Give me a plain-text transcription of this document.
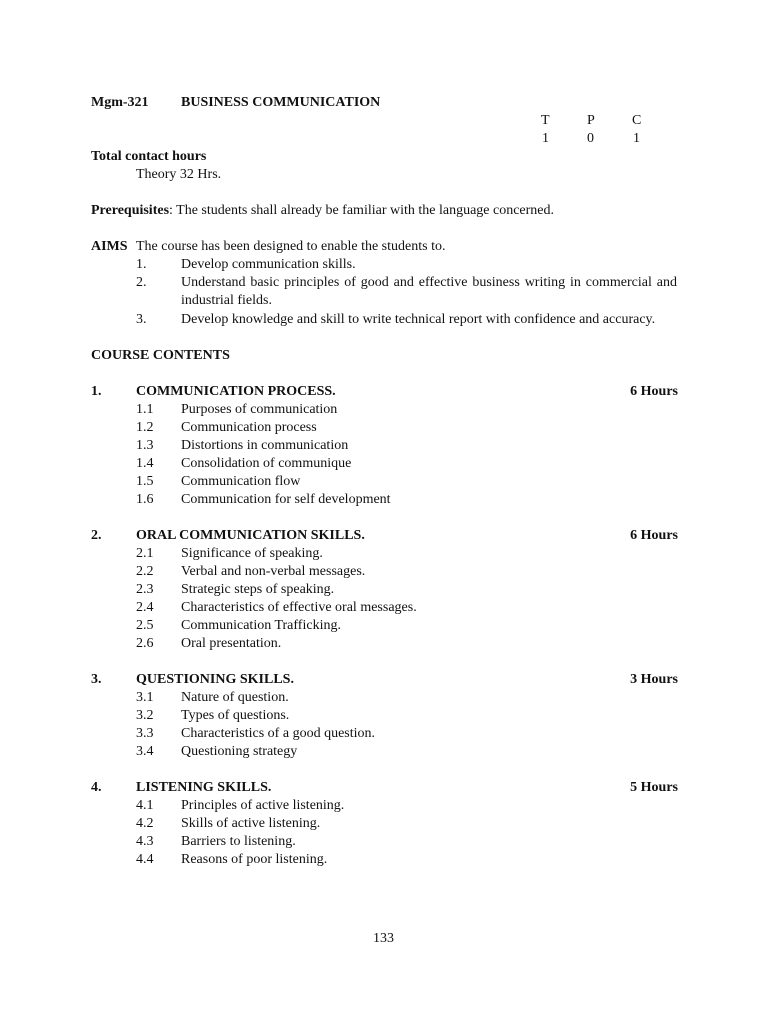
Mgm-321 BUSINESS COMMUNICATION
T	P	C
1	0	1
Total contact hours
Theory 32 Hrs.
Prerequisites: The students shall already be familiar with the language concerned.
AIMS The course has been designed to enable the students to.
1. Develop communication skills.
2. Understand basic principles of good and effective business writing in commercial and industrial fields.
3. Develop knowledge and skill to write technical report with confidence and accuracy.
COURSE CONTENTS
1. COMMUNICATION PROCESS.	6 Hours
1.1 Purposes of communication
1.2 Communication process
1.3 Distortions in communication
1.4 Consolidation of communique
1.5 Communication flow
1.6 Communication for self development
2. ORAL COMMUNICATION SKILLS.	6 Hours
2.1 Significance of speaking.
2.2 Verbal and non-verbal messages.
2.3 Strategic steps of speaking.
2.4 Characteristics of effective oral messages.
2.5 Communication Trafficking.
2.6 Oral presentation.
3. QUESTIONING SKILLS.	3 Hours
3.1 Nature of question.
3.2 Types of questions.
3.3 Characteristics of a good question.
3.4 Questioning strategy
4. LISTENING SKILLS.	5 Hours
4.1 Principles of active listening.
4.2 Skills of active listening.
4.3 Barriers to listening.
4.4 Reasons of poor listening.
133
